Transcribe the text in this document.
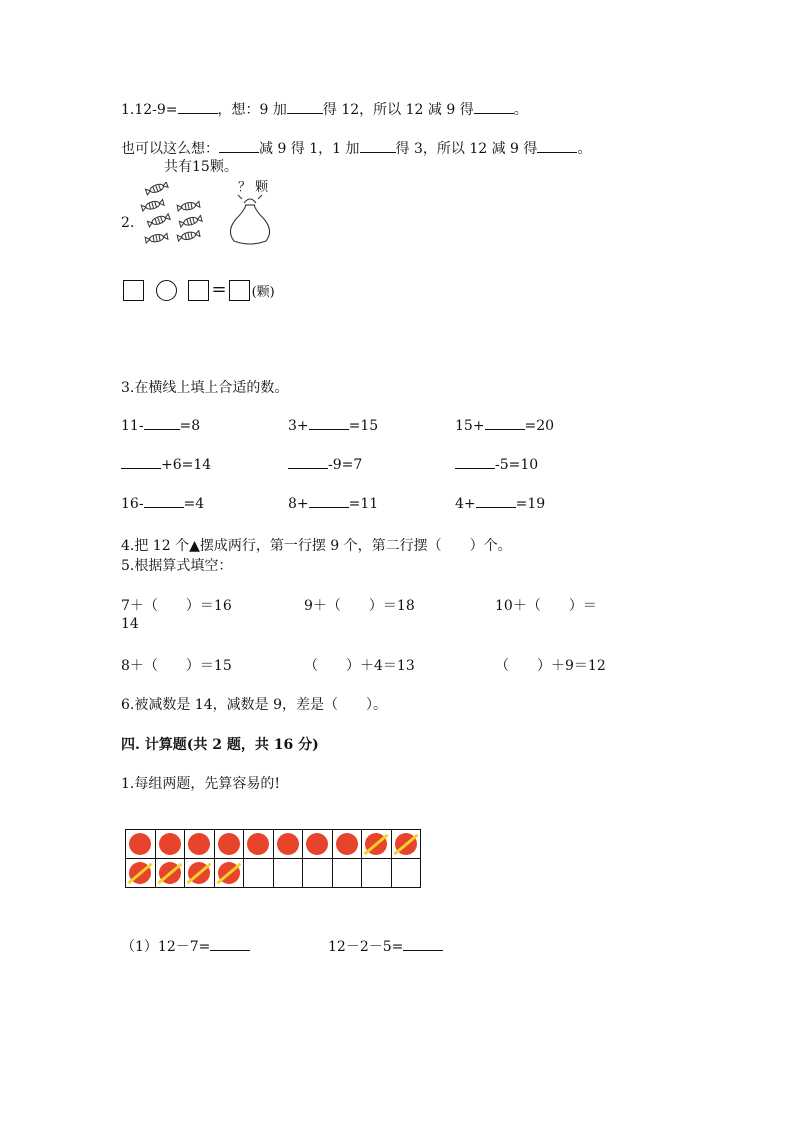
1.12-9=	，想：9 加	得 12，所以 12 减 9 得	。
也可以这么想：	减 9 得 1，1 加	得 3，所以 12 减 9 得	。
共有15颗。
？ 颗
2.
= (颗)
3.在横线上填上合适的数。
11-	=8	3+	=15	15+	=20
+6=14	-9=7	-5=10
16-	=4	8+	=11	4+	=19
4.把 12 个▲摆成两行，第一行摆 9 个，第二行摆（　　）个。
5.根据算式填空：
7＋（　　）＝16	9＋（　　）＝18	10＋（　　）＝
14
8＋（　　）＝15	（　　）＋4＝13	（　　）＋9＝12
6.被减数是 14，减数是 9，差是（　　）。
四. 计算题(共 2 题，共 16 分)
1.每组两题，先算容易的!

（1）12－7=	12－2－5=
